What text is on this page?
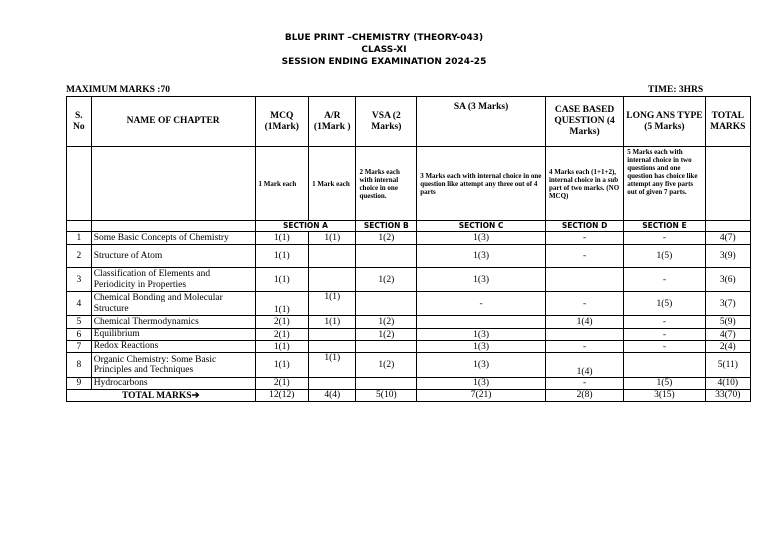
BLUE PRINT –CHEMISTRY (THEORY-043)
CLASS-XI
SESSION ENDING EXAMINATION 2024-25
MAXIMUM MARKS :70	TIME: 3HRS
S. No	NAME OF CHAPTER	MCQ (1Mark)	A/R (1Mark )	VSA (2 Marks)	SA (3 Marks)	CASE BASED QUESTION (4 Marks)	LONG ANS TYPE (5 Marks)	TOTAL MARKS
		1 Mark each	1 Mark each	2 Marks each with internal choice in one question.	3 Marks each with internal choice in one question like attempt any three out of 4 parts	4 Marks each (1+1+2), internal choice in a sub part of two marks. (NO MCQ)	5 Marks each with internal choice in two questions and one question has choice like attempt any five parts out of given 7 parts.	
		SECTION A		SECTION B	SECTION C	SECTION D	SECTION E	
1	Some Basic Concepts of Chemistry	1(1)	1(1)	1(2)	1(3)	-	-	4(7)
2	Structure of Atom	1(1)			1(3)	-	1(5)	3(9)
3	Classification of Elements and Periodicity in Properties	1(1)		1(2)	1(3)		-	3(6)
4	Chemical Bonding and Molecular Structure	1(1)	1(1)		-	-	1(5)	3(7)
5	Chemical Thermodynamics	2(1)	1(1)	1(2)		1(4)	-	5(9)
6	Equilibrium	2(1)		1(2)	1(3)		-	4(7)
7	Redox Reactions	1(1)			1(3)	-	-	2(4)
8	Organic Chemistry: Some Basic Principles and Techniques	1(1)	1(1)	1(2)	1(3)	1(4)		5(11)
9	Hydrocarbons	2(1)			1(3)	-	1(5)	4(10)
TOTAL MARKS➔		12(12)	4(4)	5(10)	7(21)	2(8)	3(15)	33(70)
